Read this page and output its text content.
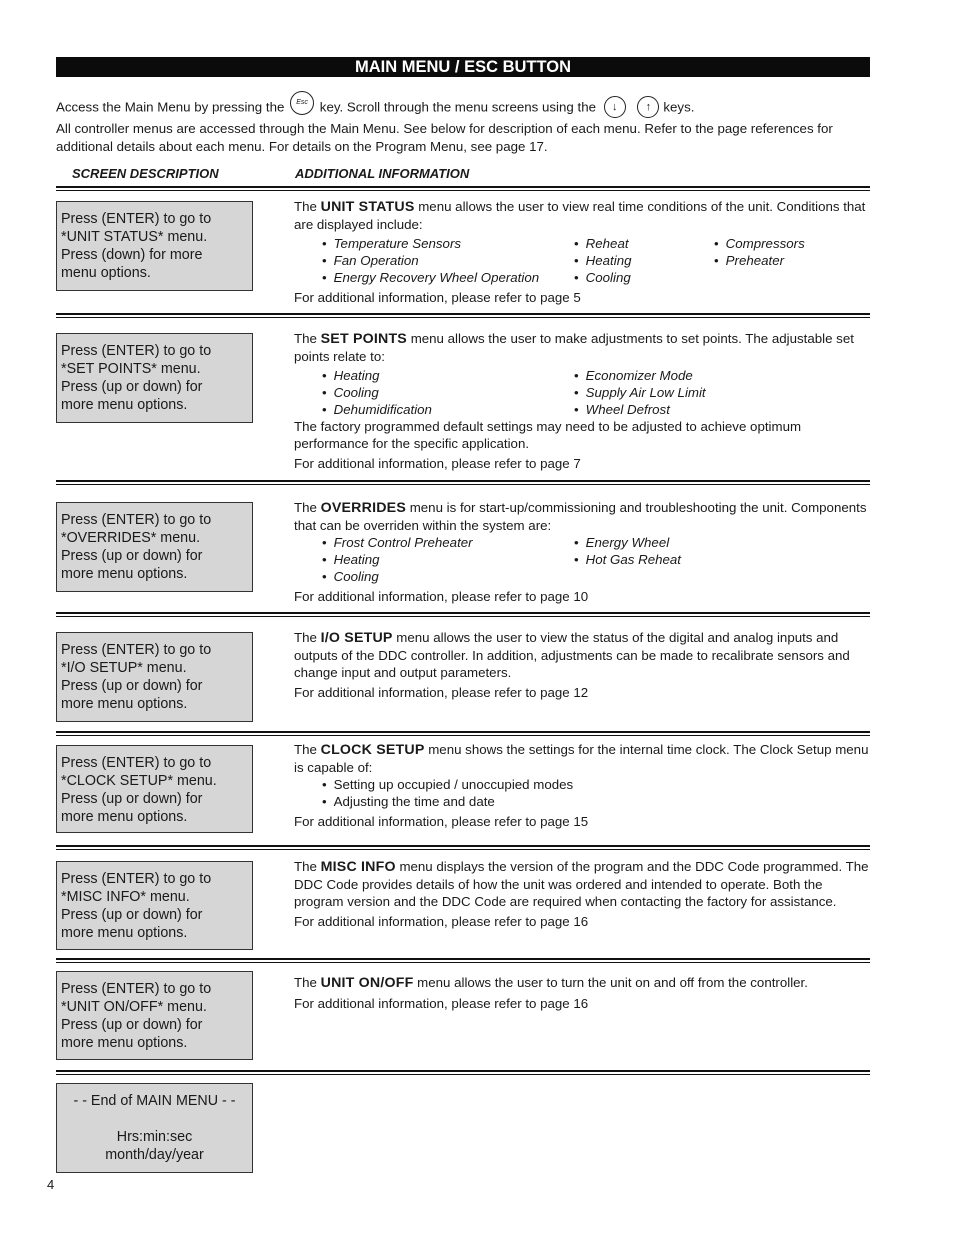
MAIN MENU / ESC BUTTON
Access the Main Menu by pressing the Esc key. Scroll through the menu screens using the ↓	↑ keys.
All controller menus are accessed through the Main Menu. See below for description of each menu. Refer to the page references for additional details about each menu. For details on the Program Menu, see page 17.
SCREEN DESCRIPTION	ADDITIONAL INFORMATION
Press (ENTER) to go to
*UNIT STATUS* menu.
Press (down) for more
menu options.

The UNIT STATUS menu allows the user to view real time conditions of the unit. Conditions that are displayed include:

• Temperature Sensors	• Reheat	• Compressors
• Fan Operation	• Heating	• Preheater
• Energy Recovery Wheel Operation	• Cooling

For additional information, please refer to page 5

Press (ENTER) to go to
*SET POINTS* menu.
Press (up or down) for
more menu options.

The SET POINTS menu allows the user to make adjustments to set points. The adjustable set points relate to:

• Heating	• Economizer Mode
• Cooling	• Supply Air Low Limit
• Dehumidification	• Wheel Defrost

The factory programmed default settings may need to be adjusted to achieve optimum performance for the specific application.

For additional information, please refer to page 7

Press (ENTER) to go to
*OVERRIDES* menu.
Press (up or down) for
more menu options.

The OVERRIDES menu is for start-up/commissioning and troubleshooting the unit. Components that can be overriden within the system are:

• Frost Control Preheater	• Energy Wheel
• Heating	• Hot Gas Reheat
• Cooling

For additional information, please refer to page 10

Press (ENTER) to go to
*I/O SETUP* menu.
Press (up or down) for
more menu options.

The I/O SETUP menu allows the user to view the status of the digital and analog inputs and outputs of the DDC controller. In addition, adjustments can be made to recalibrate sensors and change input and output parameters.

For additional information, please refer to page 12

Press (ENTER) to go to
*CLOCK SETUP* menu.
Press (up or down) for
more menu options.

The CLOCK SETUP menu shows the settings for the internal time clock. The Clock Setup menu is capable of:

• Setting up occupied / unoccupied modes
• Adjusting the time and date

For additional information, please refer to page 15

Press (ENTER) to go to
*MISC INFO* menu.
Press (up or down) for
more menu options.

The MISC INFO menu displays the version of the program and the DDC Code programmed. The DDC Code provides details of how the unit was ordered and intended to operate. Both the program version and the DDC Code are required when contacting the factory for assistance.

For additional information, please refer to page 16

Press (ENTER) to go to
*UNIT ON/OFF* menu.
Press (up or down) for
more menu options.

The UNIT ON/OFF menu allows the user to turn the unit on and off from the controller.

For additional information, please refer to page 16

- - End of MAIN MENU - -
Hrs:min:sec
month/day/year
4
